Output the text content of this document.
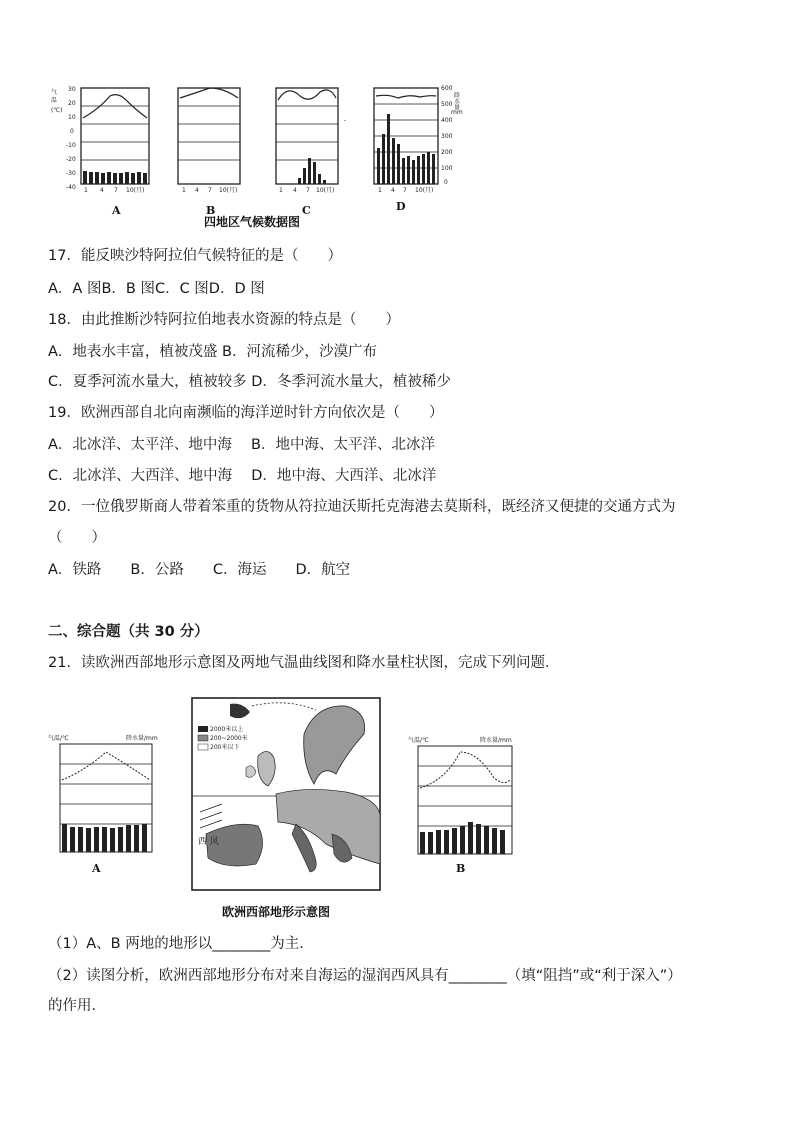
气
温
(℃)
30
20
10
0
-10
-20
-30
-40 1 4 7 10(月)
A
1 4 7 10(月)
B
1 4 7 10(月)
C
-
600
500
400
300
200
100
0
降水量
mm
1 4 7 10(月)
D
四地区气候数据图
17．能反映沙特阿拉伯气候特征的是（　　）
A．A 图B．B 图C．C 图D．D 图
18．由此推断沙特阿拉伯地表水资源的特点是（　　）
A．地表水丰富，植被茂盛 B．河流稀少，沙漠广布
C．夏季河流水量大，植被较多 D．冬季河流水量大，植被稀少
19．欧洲西部自北向南濒临的海洋逆时针方向依次是（　　）
A．北冰洋、太平洋、地中海　 B．地中海、太平洋、北冰洋
C．北冰洋、大西洋、地中海　 D．地中海、大西洋、北冰洋
20．一位俄罗斯商人带着笨重的货物从符拉迪沃斯托克海港去莫斯科，既经济又便捷的交通方式为
（　　）
A．铁路　　B．公路　　C．海运　　D．航空
二、综合题（共 30 分）
21．读欧洲西部地形示意图及两地气温曲线图和降水量柱状图，完成下列问题．
气温/℃	降水量/mm
A
2000米以上
200~2000米
200米以下
西 风
欧洲西部地形示意图
气温/℃	降水量/mm
B
（1）A、B 两地的地形以________为主．
（2）读图分析，欧洲西部地形分布对来自海运的湿润西风具有________（填“阻挡”或“利于深入”）
的作用．
